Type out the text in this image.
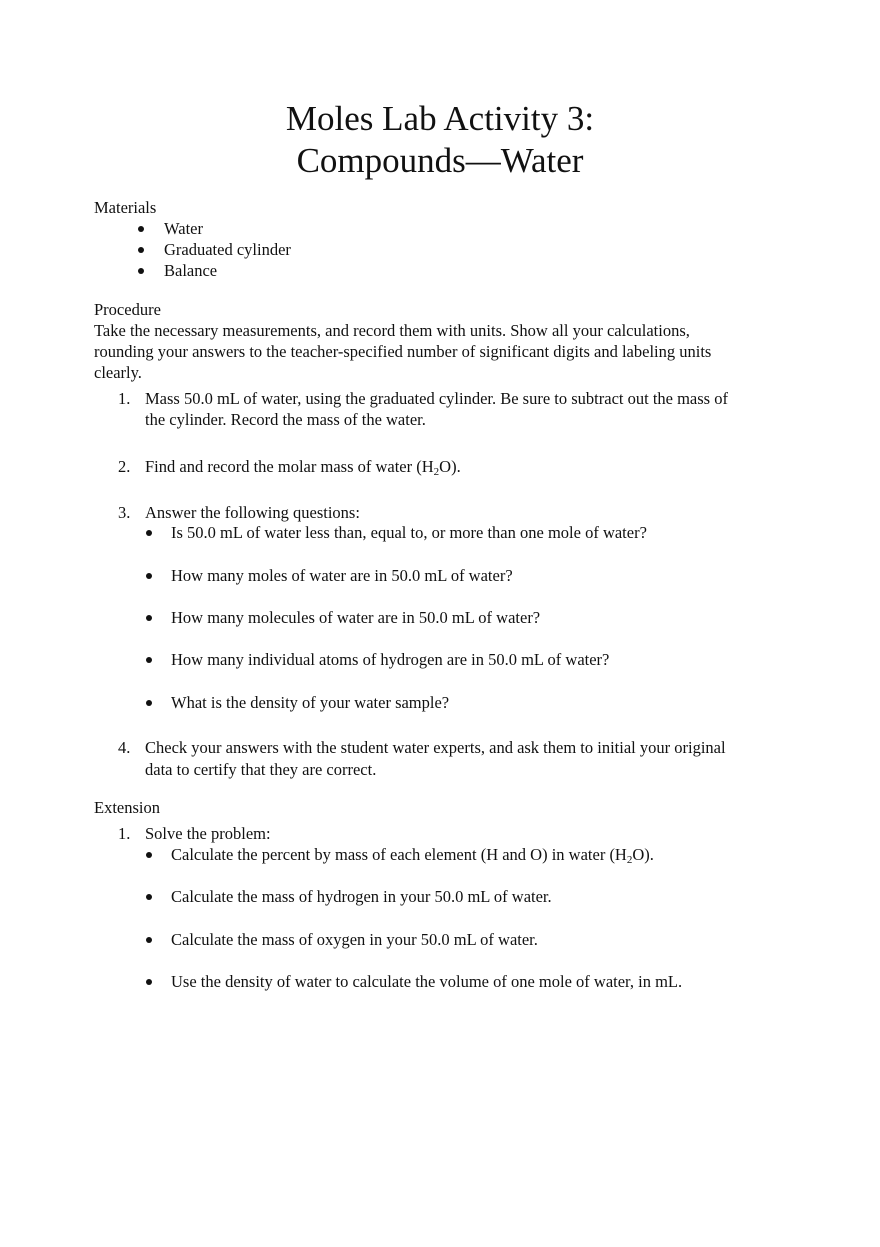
Moles Lab Activity 3:
Compounds—Water
Materials
Water
Graduated cylinder
Balance
Procedure
Take the necessary measurements, and record them with units. Show all your calculations,
rounding your answers to the teacher-specified number of significant digits and labeling units
clearly.
1. Mass 50.0 mL of water, using the graduated cylinder. Be sure to subtract out the mass of
the cylinder. Record the mass of the water.
2. Find and record the molar mass of water $(H_2O)$.
3. Answer the following questions:
Is 50.0 mL of water less than, equal to, or more than one mole of water?
How many moles of water are in 50.0 mL of water?
How many molecules of water are in 50.0 mL of water?
How many individual atoms of hydrogen are in 50.0 mL of water?
What is the density of your water sample?
4. Check your answers with the student water experts, and ask them to initial your original
data to certify that they are correct.
Extension
1. Solve the problem:
Calculate the percent by mass of each element (H and O) in water $(H_2O)$.
Calculate the mass of hydrogen in your 50.0 mL of water.
Calculate the mass of oxygen in your 50.0 mL of water.
Use the density of water to calculate the volume of one mole of water, in mL.
